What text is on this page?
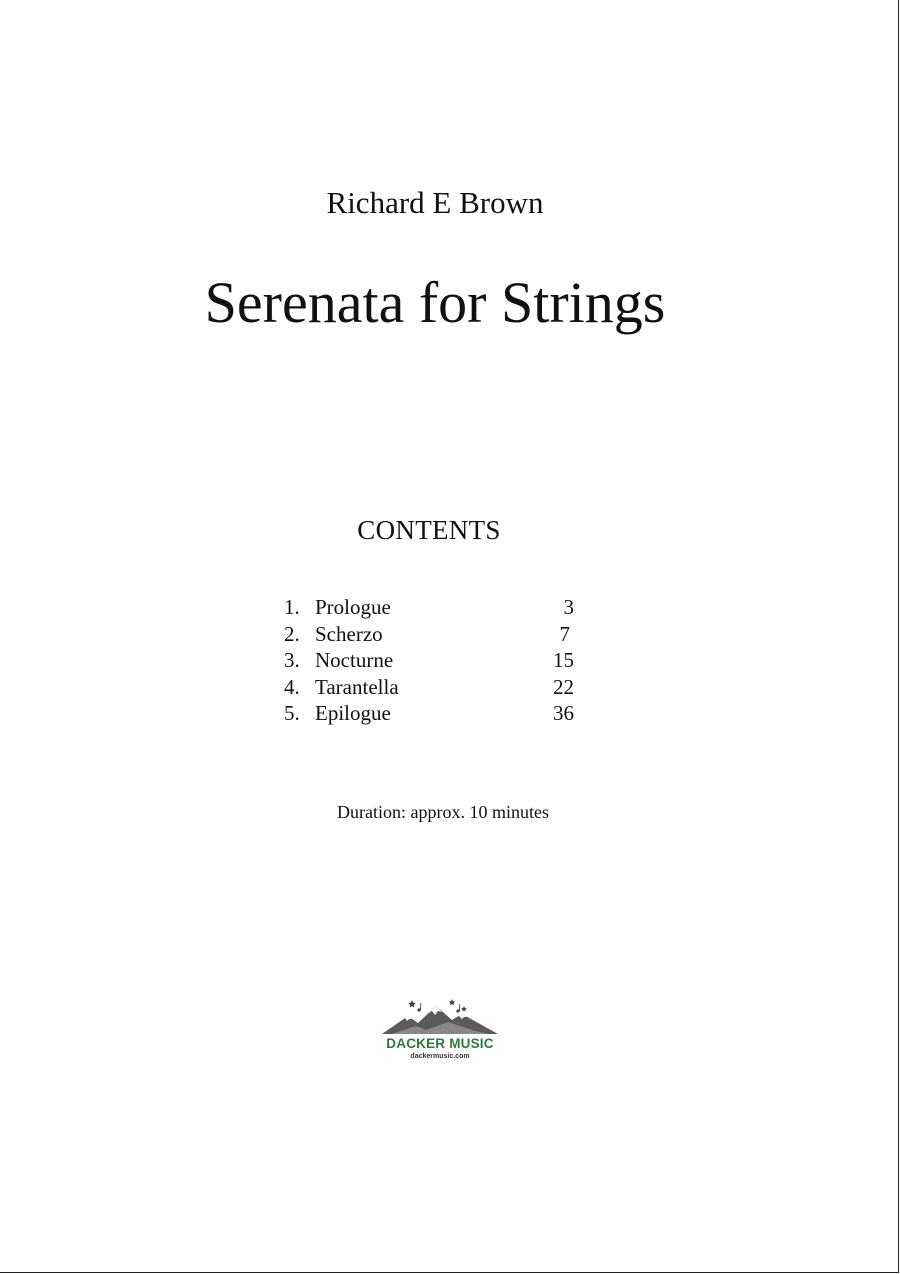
Richard E Brown
Serenata for Strings
CONTENTS
1. Prologue	3
2. Scherzo	7
3. Nocturne	15
4. Tarantella	22
5. Epilogue	36
Duration: approx. 10 minutes
DACKER MUSIC
dackermusic.com
